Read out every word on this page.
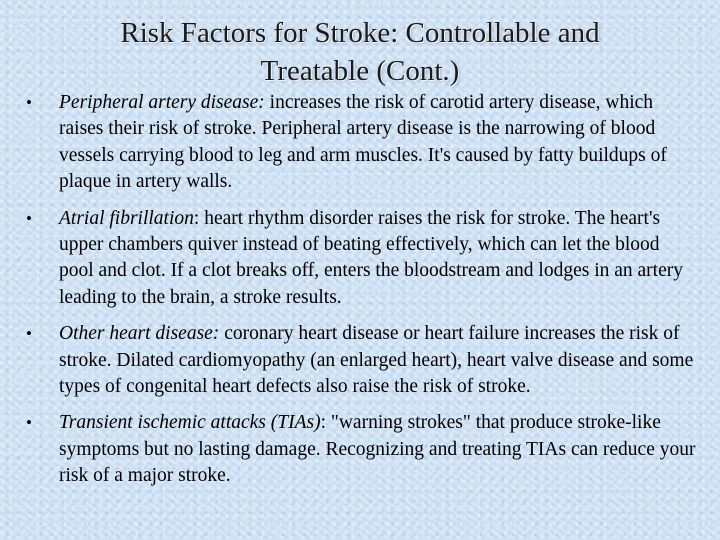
Risk Factors for Stroke: Controllable and
Treatable (Cont.)
• Peripheral artery disease: increases the risk of carotid artery disease, which raises their risk of stroke. Peripheral artery disease is the narrowing of blood vessels carrying blood to leg and arm muscles. It's caused by fatty buildups of plaque in artery walls.
• Atrial fibrillation: heart rhythm disorder raises the risk for stroke. The heart's upper chambers quiver instead of beating effectively, which can let the blood pool and clot. If a clot breaks off, enters the bloodstream and lodges in an artery leading to the brain, a stroke results.
• Other heart disease: coronary heart disease or heart failure increases the risk of stroke. Dilated cardiomyopathy (an enlarged heart), heart valve disease and some types of congenital heart defects also raise the risk of stroke.
• Transient ischemic attacks (TIAs): "warning strokes" that produce stroke-like symptoms but no lasting damage. Recognizing and treating TIAs can reduce your risk of a major stroke.
